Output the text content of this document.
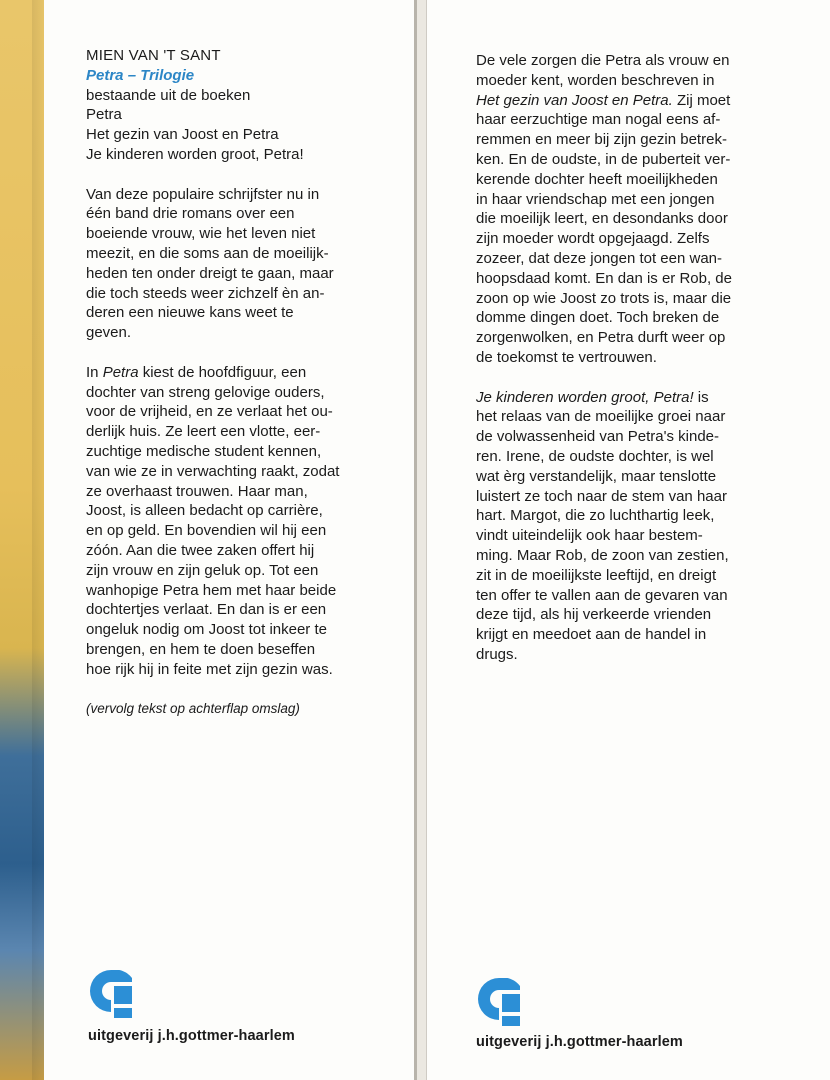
MIEN VAN 'T SANT
Petra – Trilogie
bestaande uit de boeken
Petra
Het gezin van Joost en Petra
Je kinderen worden groot, Petra!
Van deze populaire schrijfster nu in
één band drie romans over een
boeiende vrouw, wie het leven niet
meezit, en die soms aan de moeilijk-
heden ten onder dreigt te gaan, maar
die toch steeds weer zichzelf èn an-
deren een nieuwe kans weet te
geven.
In Petra kiest de hoofdfiguur, een
dochter van streng gelovige ouders,
voor de vrijheid, en ze verlaat het ou-
derlijk huis. Ze leert een vlotte, eer-
zuchtige medische student kennen,
van wie ze in verwachting raakt, zodat
ze overhaast trouwen. Haar man,
Joost, is alleen bedacht op carrière,
en op geld. En bovendien wil hij een
zóón. Aan die twee zaken offert hij
zijn vrouw en zijn geluk op. Tot een
wanhopige Petra hem met haar beide
dochtertjes verlaat. En dan is er een
ongeluk nodig om Joost tot inkeer te
brengen, en hem te doen beseffen
hoe rijk hij in feite met zijn gezin was.
(vervolg tekst op achterflap omslag)
uitgeverij j.h.gottmer-haarlem
De vele zorgen die Petra als vrouw en
moeder kent, worden beschreven in
Het gezin van Joost en Petra. Zij moet
haar eerzuchtige man nogal eens af-
remmen en meer bij zijn gezin betrek-
ken. En de oudste, in de puberteit ver-
kerende dochter heeft moeilijkheden
in haar vriendschap met een jongen
die moeilijk leert, en desondanks door
zijn moeder wordt opgejaagd. Zelfs
zozeer, dat deze jongen tot een wan-
hoopsdaad komt. En dan is er Rob, de
zoon op wie Joost zo trots is, maar die
domme dingen doet. Toch breken de
zorgenwolken, en Petra durft weer op
de toekomst te vertrouwen.
Je kinderen worden groot, Petra! is
het relaas van de moeilijke groei naar
de volwassenheid van Petra's kinde-
ren. Irene, de oudste dochter, is wel
wat èrg verstandelijk, maar tenslotte
luistert ze toch naar de stem van haar
hart. Margot, die zo luchthartig leek,
vindt uiteindelijk ook haar bestem-
ming. Maar Rob, de zoon van zestien,
zit in de moeilijkste leeftijd, en dreigt
ten offer te vallen aan de gevaren van
deze tijd, als hij verkeerde vrienden
krijgt en meedoet aan de handel in
drugs.
uitgeverij j.h.gottmer-haarlem
